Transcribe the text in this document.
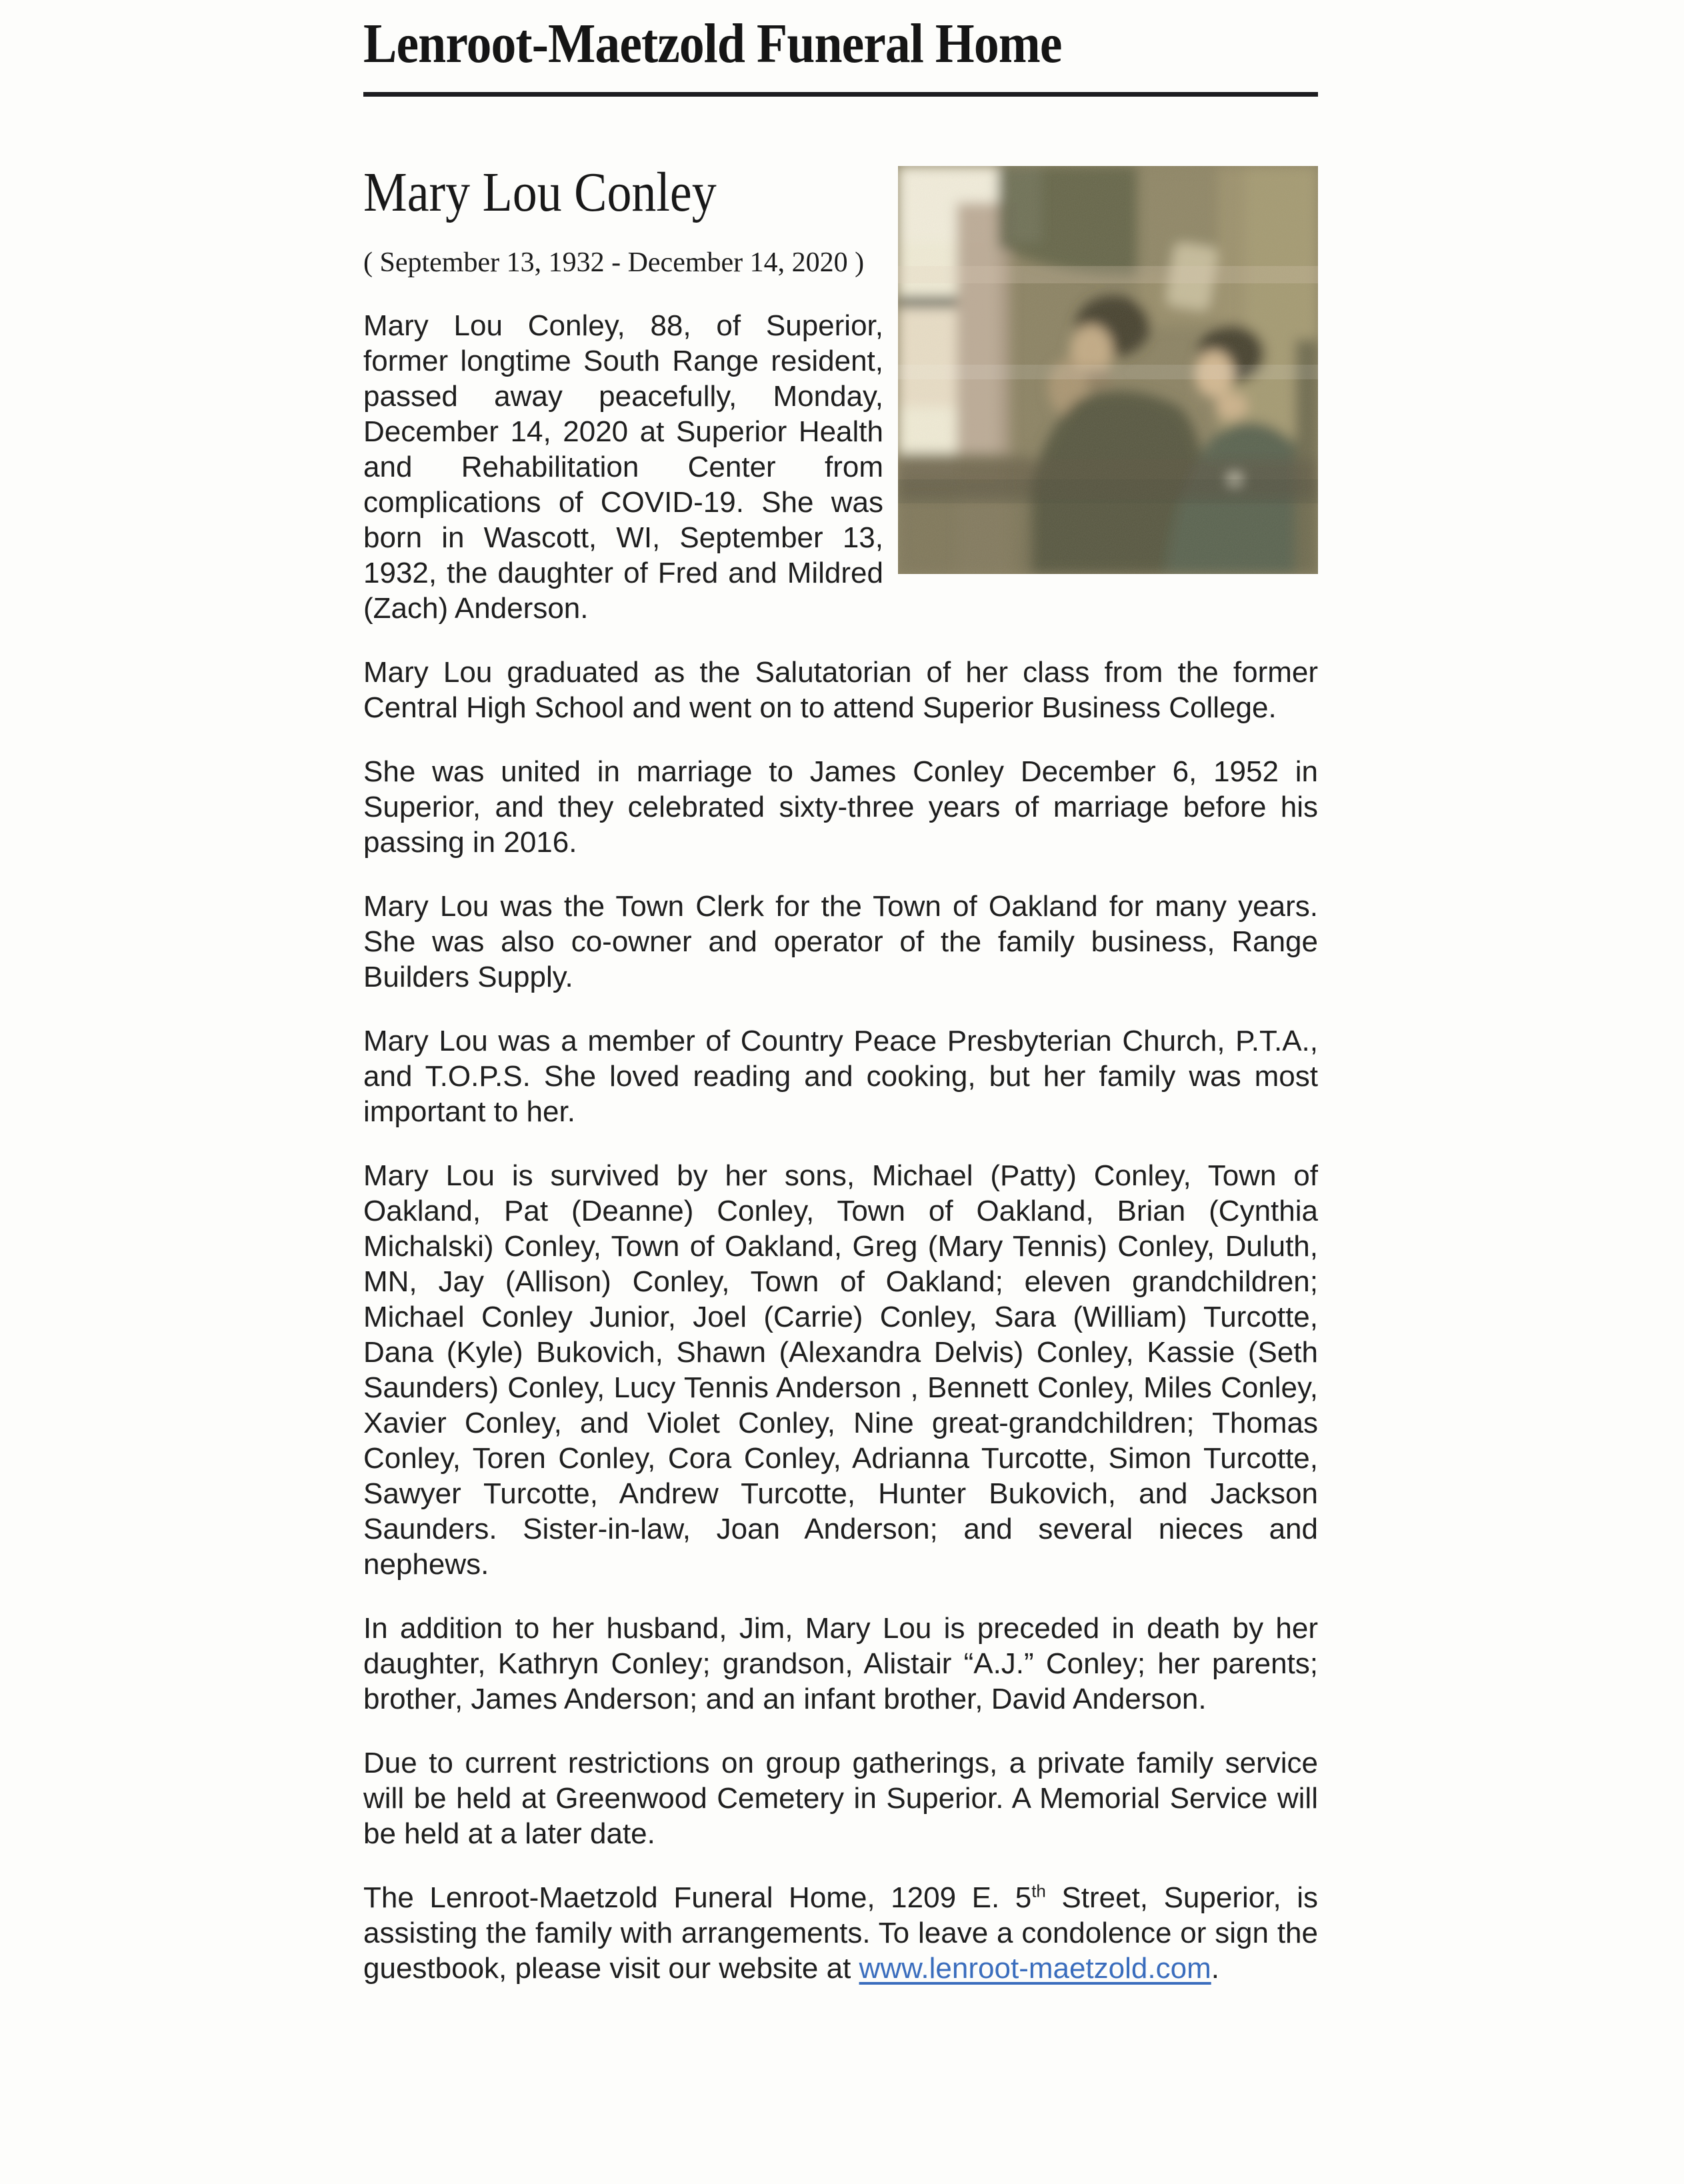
Lenroot-Maetzold Funeral Home
Mary Lou Conley

( September 13, 1932 - December 14, 2020 )

Mary Lou Conley, 88, of Superior, former longtime South Range resident, passed away peacefully, Monday, December 14, 2020 at Superior Health and Rehabilitation Center from complications of COVID-19. She was born in Wascott, WI, September 13, 1932, the daughter of Fred and Mildred (Zach) Anderson.

Mary Lou graduated as the Salutatorian of her class from the former Central High School and went on to attend Superior Business College.

She was united in marriage to James Conley December 6, 1952 in Superior, and they celebrated sixty-three years of marriage before his passing in 2016.

Mary Lou was the Town Clerk for the Town of Oakland for many years. She was also co-owner and operator of the family business, Range Builders Supply.

Mary Lou was a member of Country Peace Presbyterian Church, P.T.A., and T.O.P.S. She loved reading and cooking, but her family was most important to her.

Mary Lou is survived by her sons, Michael (Patty) Conley, Town of Oakland, Pat (Deanne) Conley, Town of Oakland, Brian (Cynthia Michalski) Conley, Town of Oakland, Greg (Mary Tennis) Conley, Duluth, MN, Jay (Allison) Conley, Town of Oakland; eleven grandchildren; Michael Conley Junior, Joel (Carrie) Conley, Sara (William) Turcotte, Dana (Kyle) Bukovich, Shawn (Alexandra Delvis) Conley, Kassie (Seth Saunders) Conley, Lucy Tennis Anderson , Bennett Conley, Miles Conley, Xavier Conley, and Violet Conley, Nine great-grandchildren; Thomas Conley, Toren Conley, Cora Conley, Adrianna Turcotte, Simon Turcotte, Sawyer Turcotte, Andrew Turcotte, Hunter Bukovich, and Jackson Saunders. Sister-in-law, Joan Anderson; and several nieces and nephews.

In addition to her husband, Jim, Mary Lou is preceded in death by her daughter, Kathryn Conley; grandson, Alistair “A.J.” Conley; her parents; brother, James Anderson; and an infant brother, David Anderson.

Due to current restrictions on group gatherings, a private family service will be held at Greenwood Cemetery in Superior. A Memorial Service will be held at a later date.

The Lenroot-Maetzold Funeral Home, 1209 E. 5th Street, Superior, is assisting the family with arrangements. To leave a condolence or sign the guestbook, please visit our website at www.lenroot-maetzold.com.
